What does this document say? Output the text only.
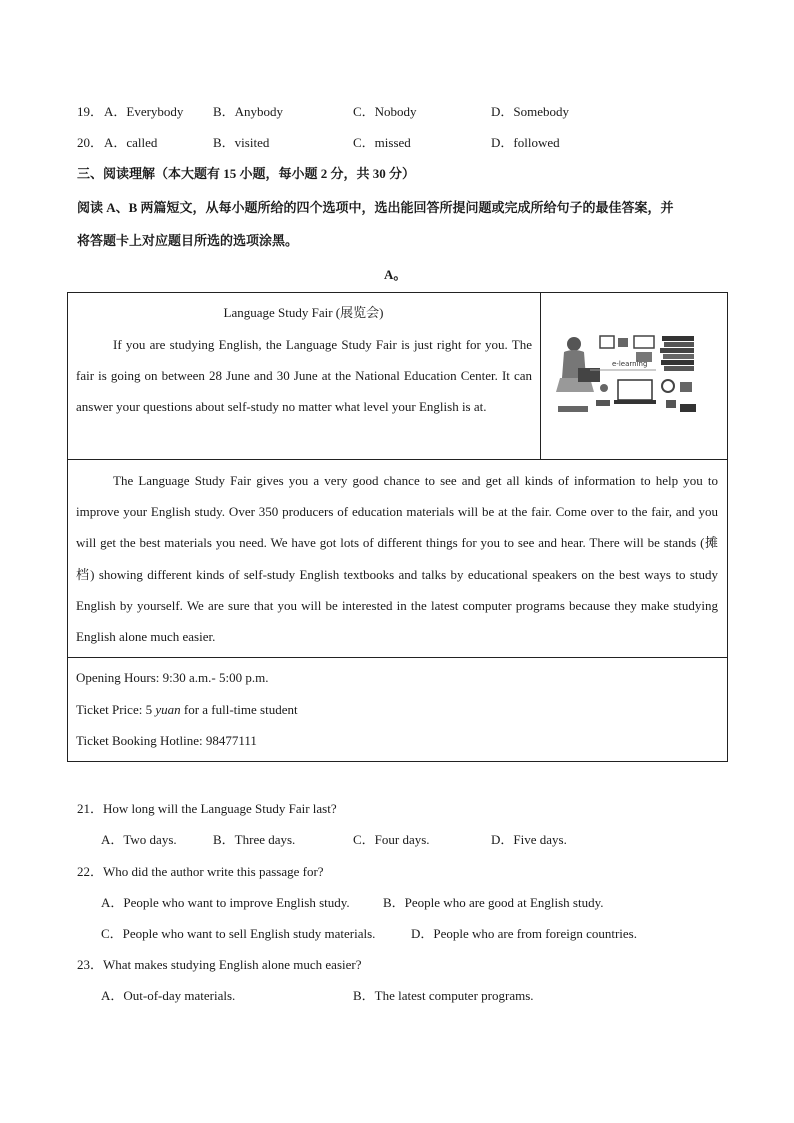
19． A．Everybody B．Anybody	C．Nobody	D．Somebody
20． A．called	B．visited	C．missed	D．followed
三、阅读理解（本大题有 15 小题，每小题 2 分，共 30 分）
阅读 A、B 两篇短文，从每小题所给的四个选项中，选出能回答所提问题或完成所给句子的最佳答案，并
将答题卡上对应题目所选的选项涂黑。
A。
Language Study Fair (展览会)
If you are studying English, the Language Study Fair is just right for you. The fair is going on between 28 June and 30 June at the National Education Center. It can answer your questions about self-study no matter what level your English is at.
e-learning
The Language Study Fair gives you a very good chance to see and get all kinds of information to help you to improve your English study. Over 350 producers of education materials will be at the fair. Come over to the fair, and you will get the best materials you need. We have got lots of different things for you to see and hear. There will be stands (摊档) showing different kinds of self-study English textbooks and talks by educational speakers on the best ways to study English by yourself. We are sure that you will be interested in the latest computer programs because they make studying English alone much easier.
Opening Hours: 9:30 a.m.- 5:00 p.m.
Ticket Price: 5 yuan for a full-time student
Ticket Booking Hotline: 98477111
21．How long will the Language Study Fair last?
A．Two days.	B．Three days.	C．Four days.	D．Five days.
22．Who did the author write this passage for?
A．People who want to improve English study.	B．People who are good at English study.
C．People who want to sell English study materials.	D．People who are from foreign countries.
23．What makes studying English alone much easier?
A．Out-of-day materials.	B．The latest computer programs.
